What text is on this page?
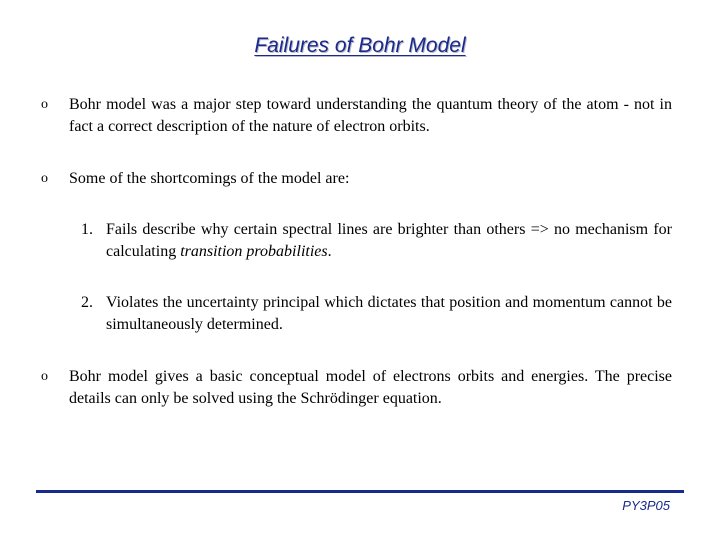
Failures of Bohr Model
o Bohr model was a major step toward understanding the quantum theory of the atom - not in fact a correct description of the nature of electron orbits.
o Some of the shortcomings of the model are:
1. Fails describe why certain spectral lines are brighter than others => no mechanism for calculating transition probabilities.
2. Violates the uncertainty principal which dictates that position and momentum cannot be simultaneously determined.
o Bohr model gives a basic conceptual model of electrons orbits and energies. The precise details can only be solved using the Schrödinger equation.
PY3P05
